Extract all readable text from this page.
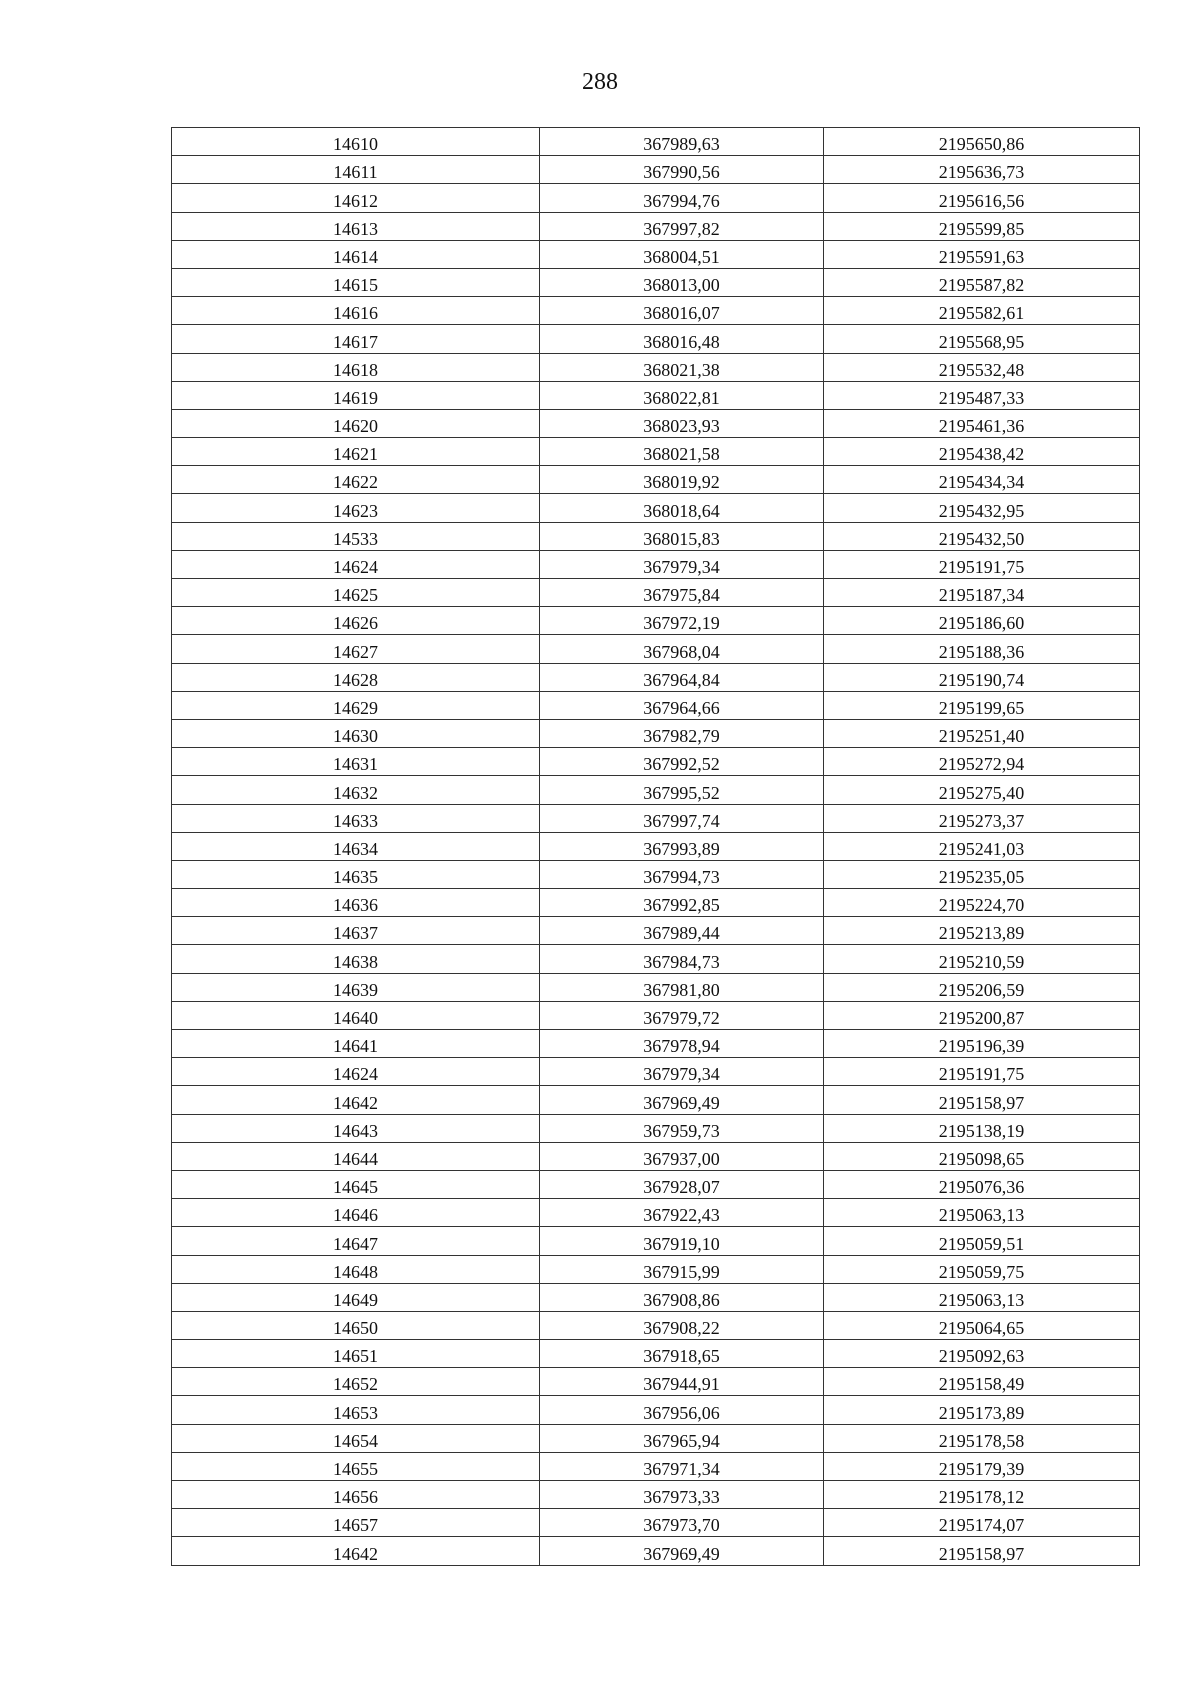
288
14610	367989,63	2195650,86
14611	367990,56	2195636,73
14612	367994,76	2195616,56
14613	367997,82	2195599,85
14614	368004,51	2195591,63
14615	368013,00	2195587,82
14616	368016,07	2195582,61
14617	368016,48	2195568,95
14618	368021,38	2195532,48
14619	368022,81	2195487,33
14620	368023,93	2195461,36
14621	368021,58	2195438,42
14622	368019,92	2195434,34
14623	368018,64	2195432,95
14533	368015,83	2195432,50
14624	367979,34	2195191,75
14625	367975,84	2195187,34
14626	367972,19	2195186,60
14627	367968,04	2195188,36
14628	367964,84	2195190,74
14629	367964,66	2195199,65
14630	367982,79	2195251,40
14631	367992,52	2195272,94
14632	367995,52	2195275,40
14633	367997,74	2195273,37
14634	367993,89	2195241,03
14635	367994,73	2195235,05
14636	367992,85	2195224,70
14637	367989,44	2195213,89
14638	367984,73	2195210,59
14639	367981,80	2195206,59
14640	367979,72	2195200,87
14641	367978,94	2195196,39
14624	367979,34	2195191,75
14642	367969,49	2195158,97
14643	367959,73	2195138,19
14644	367937,00	2195098,65
14645	367928,07	2195076,36
14646	367922,43	2195063,13
14647	367919,10	2195059,51
14648	367915,99	2195059,75
14649	367908,86	2195063,13
14650	367908,22	2195064,65
14651	367918,65	2195092,63
14652	367944,91	2195158,49
14653	367956,06	2195173,89
14654	367965,94	2195178,58
14655	367971,34	2195179,39
14656	367973,33	2195178,12
14657	367973,70	2195174,07
14642	367969,49	2195158,97
